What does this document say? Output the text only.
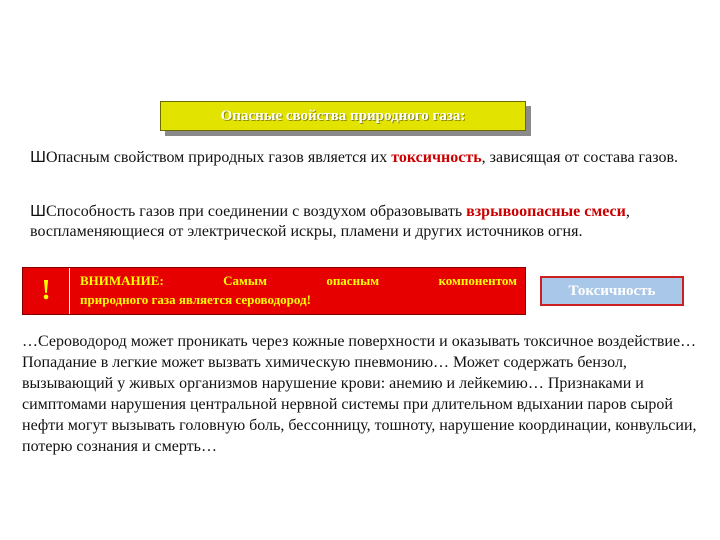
Опасные свойства природного газа:

ШОпасным свойством природных газов является их токсичность, зависящая от состава газов.

ШСпособность газов при соединении с воздухом образовывать взрывоопасные смеси, воспламеняющиеся от электрической искры, пламени и других источников огня.

! ВНИМАНИЕ:	Самым	опасным	компонентом
природного газа является сероводород!
Токсичность

…Сероводород может проникать через кожные поверхности и оказывать токсичное воздействие… Попадание в легкие может вызвать химическую пневмонию… Может содержать бензол, вызывающий у живых организмов нарушение крови: анемию и лейкемию… Признаками и симптомами нарушения центральной нервной системы при длительном вдыхании паров сырой нефти могут вызывать головную боль, бессонницу, тошноту, нарушение координации, конвульсии, потерю сознания и смерть…
